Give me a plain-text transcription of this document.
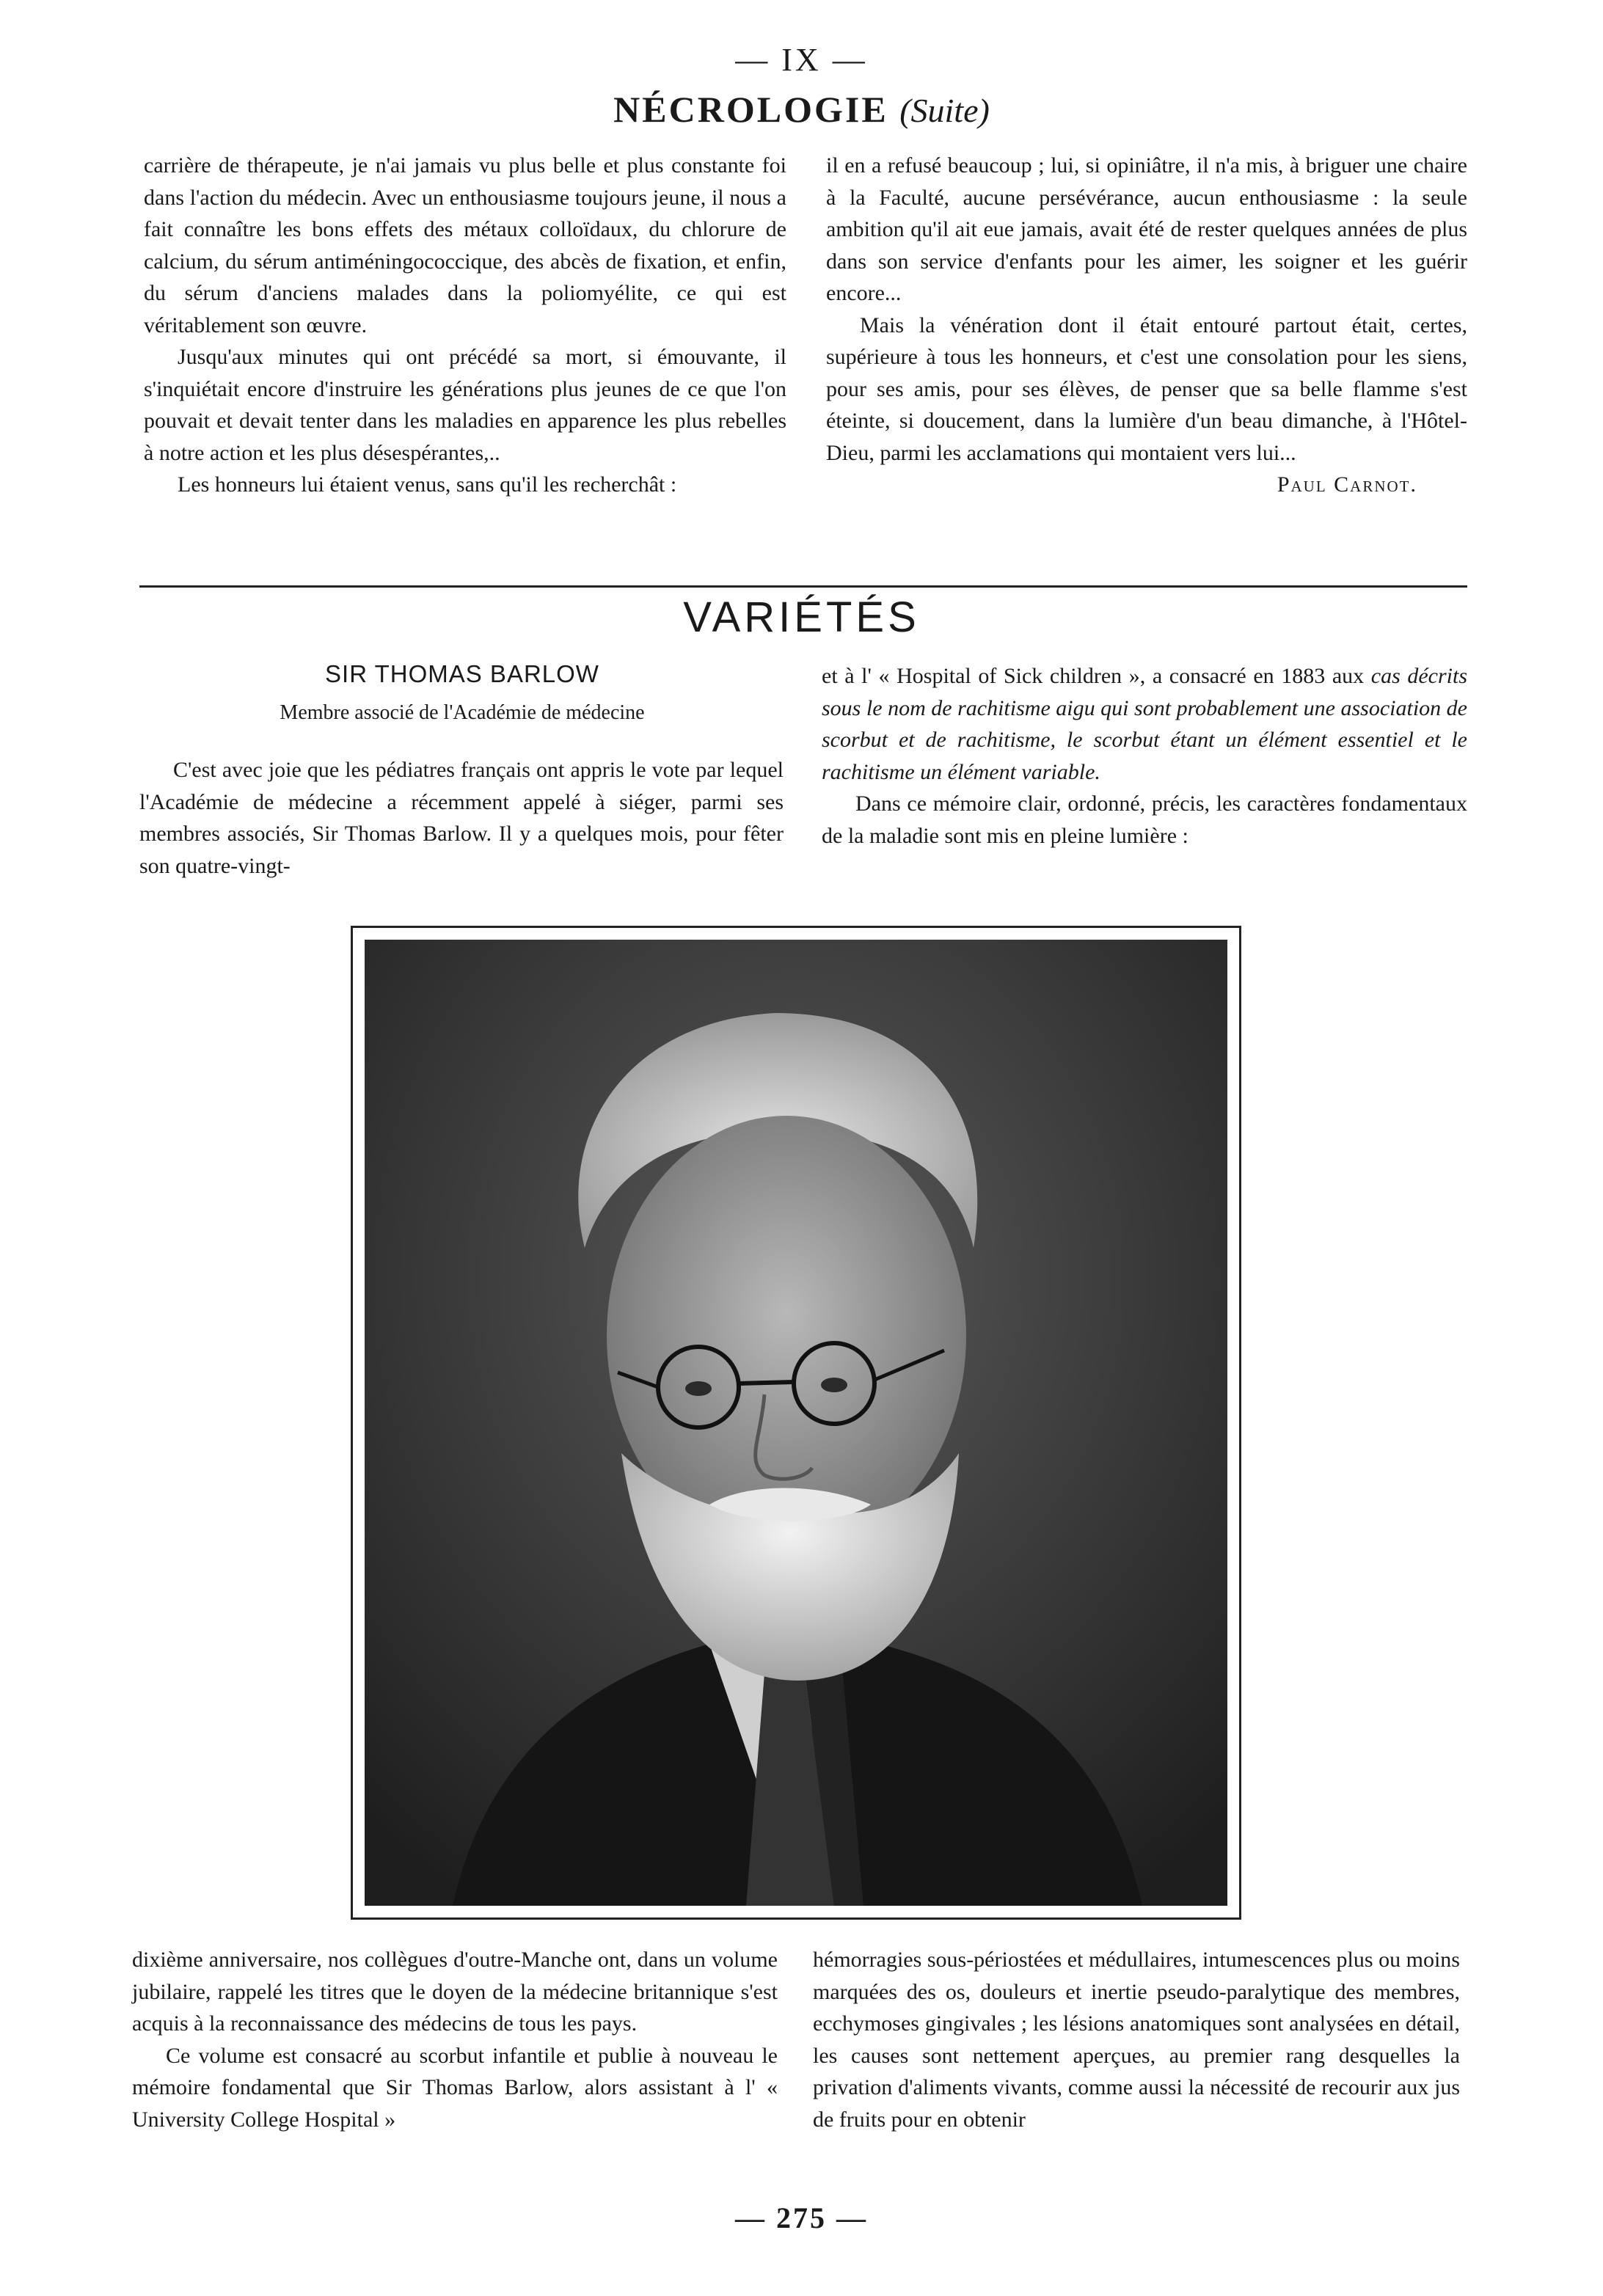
— IX —
NÉCROLOGIE (Suite)

carrière de thérapeute, je n'ai jamais vu plus belle et plus constante foi dans l'action du médecin. Avec un enthousiasme toujours jeune, il nous a fait connaître les bons effets des métaux colloïdaux, du chlorure de calcium, du sérum antiméningococcique, des abcès de fixation, et enfin, du sérum d'anciens malades dans la poliomyélite, ce qui est véritablement son œuvre.

Jusqu'aux minutes qui ont précédé sa mort, si émouvante, il s'inquiétait encore d'instruire les générations plus jeunes de ce que l'on pouvait et devait tenter dans les maladies en apparence les plus rebelles à notre action et les plus désespérantes,..

Les honneurs lui étaient venus, sans qu'il les recherchât :

il en a refusé beaucoup ; lui, si opiniâtre, il n'a mis, à briguer une chaire à la Faculté, aucune persévérance, aucun enthousiasme : la seule ambition qu'il ait eue jamais, avait été de rester quelques années de plus dans son service d'enfants pour les aimer, les soigner et les guérir encore...

Mais la vénération dont il était entouré partout était, certes, supérieure à tous les honneurs, et c'est une consolation pour les siens, pour ses amis, pour ses élèves, de penser que sa belle flamme s'est éteinte, si doucement, dans la lumière d'un beau dimanche, à l'Hôtel-Dieu, parmi les acclamations qui montaient vers lui...

Paul Carnot.
VARIÉTÉS
SIR THOMAS BARLOW
Membre associé de l'Académie de médecine

C'est avec joie que les pédiatres français ont appris le vote par lequel l'Académie de médecine a récemment appelé à siéger, parmi ses membres associés, Sir Thomas Barlow. Il y a quelques mois, pour fêter son quatre-vingt-

et à l' « Hospital of Sick children », a consacré en 1883 aux cas décrits sous le nom de rachitisme aigu qui sont probablement une association de scorbut et de rachitisme, le scorbut étant un élément essentiel et le rachitisme un élément variable.

Dans ce mémoire clair, ordonné, précis, les caractères fondamentaux de la maladie sont mis en pleine lumière :

dixième anniversaire, nos collègues d'outre-Manche ont, dans un volume jubilaire, rappelé les titres que le doyen de la médecine britannique s'est acquis à la reconnaissance des médecins de tous les pays.

Ce volume est consacré au scorbut infantile et publie à nouveau le mémoire fondamental que Sir Thomas Barlow, alors assistant à l' « University College Hospital »

hémorragies sous-périostées et médullaires, intumescences plus ou moins marquées des os, douleurs et inertie pseudo-paralytique des membres, ecchymoses gingivales ; les lésions anatomiques sont analysées en détail, les causes sont nettement aperçues, au premier rang desquelles la privation d'aliments vivants, comme aussi la nécessité de recourir aux jus de fruits pour en obtenir

— 275 —
